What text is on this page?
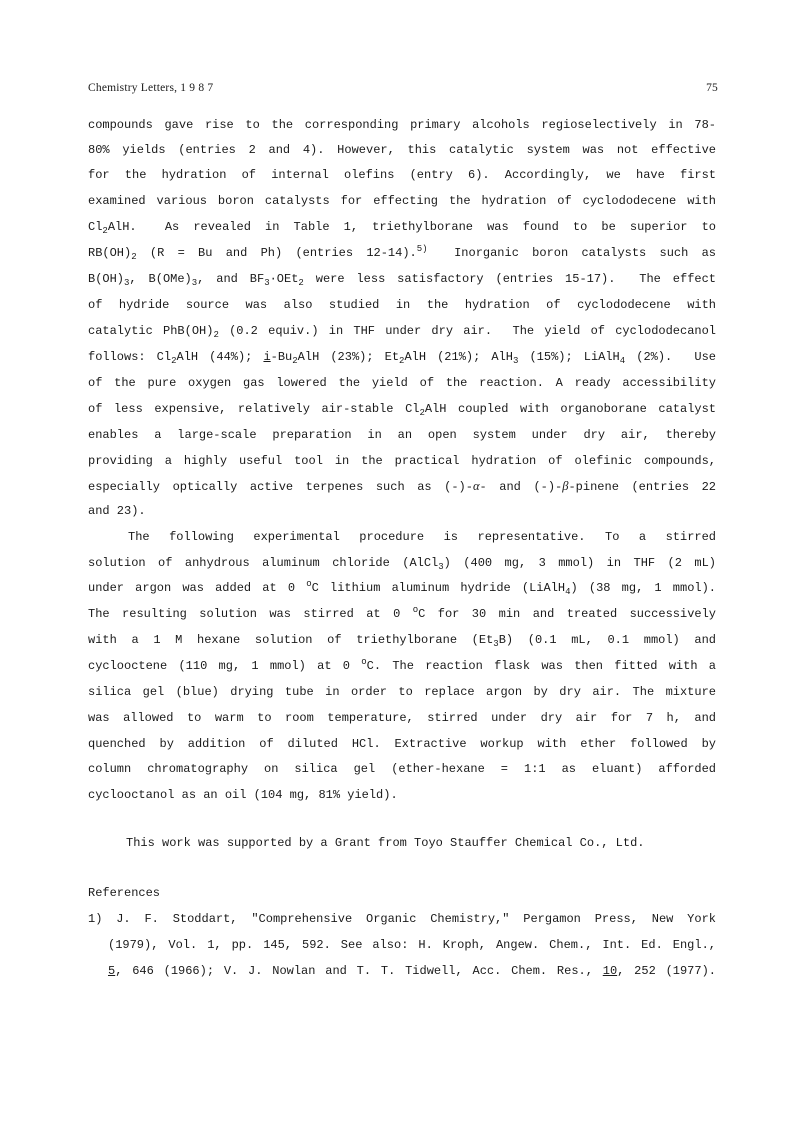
Chemistry Letters, 1 9 8 7	75
compounds gave rise to the corresponding primary alcohols regioselectively in 78-
80% yields (entries 2 and 4). However, this catalytic system was not effective
for the hydration of internal olefins (entry 6). Accordingly, we have first
examined various boron catalysts for effecting the hydration of cyclododecene with
$Cl_2AlH$.  As revealed in Table 1, triethylborane was found to be superior to
$RB(OH)_2$ (R = Bu and Ph) (entries 12-14).$^{5)}$  Inorganic boron catalysts such as
$B(OH)_3$, $B(OMe)_3$, and $BF_3\cdot OEt_2$ were less satisfactory (entries 15-17).  The effect
of hydride source was also studied in the hydration of cyclododecene with
catalytic $PhB(OH)_2$ (0.2 equiv.) in THF under dry air.  The yield of cyclododecanol
follows: $Cl_2AlH$ (44%); $i-Bu_2AlH$ (23%); $Et_2AlH$ (21%); AlH$_3$ (15%); LiAlH$_4$ (2%).  Use
of the pure oxygen gas lowered the yield of the reaction. A ready accessibility
of less expensive, relatively air-stable $Cl_2AlH$ coupled with organoborane catalyst
enables a large-scale preparation in an open system under dry air, thereby
providing a highly useful tool in the practical hydration of olefinic compounds,
especially optically active terpenes such as (-)-α- and (-)-β-pinene (entries 22
and 23).
The following experimental procedure is representative. To a stirred
solution of anhydrous aluminum chloride (AlCl$_3$) (400 mg, 3 mmol) in THF (2 mL)
under argon was added at 0 $^o$C lithium aluminum hydride (LiAlH$_4$) (38 mg, 1 mmol).
The resulting solution was stirred at 0 $^o$C for 30 min and treated successively
with a 1 M hexane solution of triethylborane $(Et_3B)$ (0.1 mL, 0.1 mmol) and
cyclooctene (110 mg, 1 mmol) at 0 $^o$C. The reaction flask was then fitted with a
silica gel (blue) drying tube in order to replace argon by dry air. The mixture
was allowed to warm to room temperature, stirred under dry air for 7 h, and
quenched by addition of diluted HCl. Extractive workup with ether followed by
column chromatography on silica gel (ether-hexane = 1:1 as eluant) afforded
cyclooctanol as an oil (104 mg, 81% yield).
This work was supported by a Grant from Toyo Stauffer Chemical Co., Ltd.
References
1) J. F. Stoddart, "Comprehensive Organic Chemistry," Pergamon Press, New York
(1979), Vol. 1, pp. 145, 592. See also: H. Kroph, Angew. Chem., Int. Ed. Engl.,
5, 646 (1966); V. J. Nowlan and T. T. Tidwell, Acc. Chem. Res., 10, 252 (1977).
